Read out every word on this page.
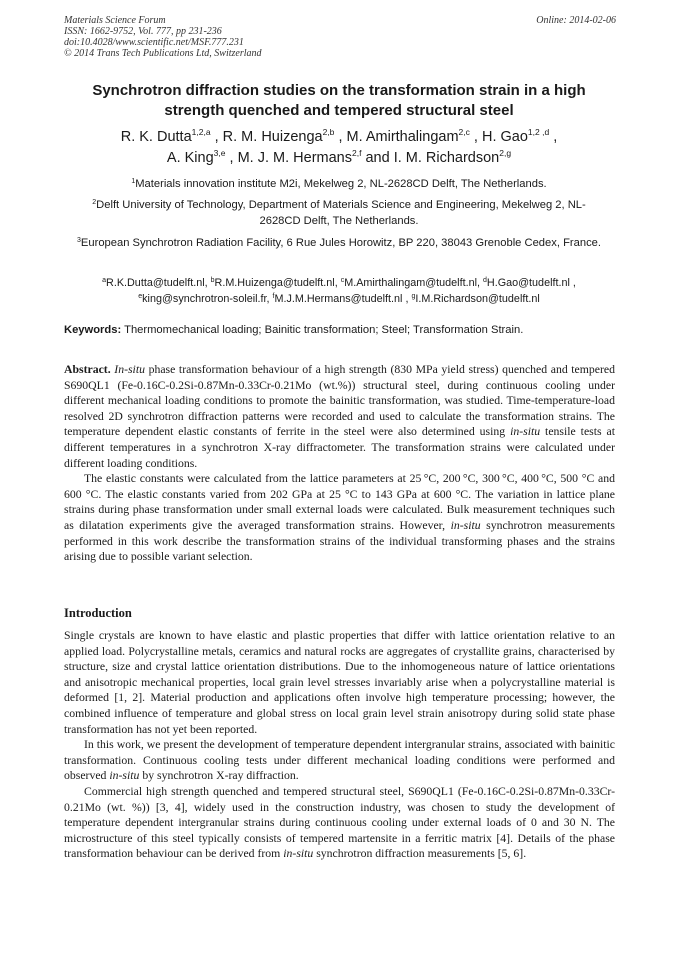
Materials Science Forum
ISSN: 1662-9752, Vol. 777, pp 231-236
doi:10.4028/www.scientific.net/MSF.777.231
© 2014 Trans Tech Publications Ltd, Switzerland
Online: 2014-02-06
Synchrotron diffraction studies on the transformation strain in a high strength quenched and tempered structural steel
R. K. Dutta$^{1,2,a}$ , R. M. Huizenga$^{2,b}$ , M. Amirthalingam$^{2,c}$ , H. Gao$^{1,2 ,d}$ ,
A. King$^{3,e}$ , M. J. M. Hermans$^{2,f}$ and I. M. Richardson$^{2,g}$
$^1$Materials innovation institute M2i, Mekelweg 2, NL-2628CD Delft, The Netherlands.
$^2$Delft University of Technology, Department of Materials Science and Engineering, Mekelweg 2, NL-2628CD Delft, The Netherlands.
$^3$European Synchrotron Radiation Facility, 6 Rue Jules Horowitz, BP 220, 38043 Grenoble Cedex, France.
$^a$R.K.Dutta@tudelft.nl, $^b$R.M.Huizenga@tudelft.nl, $^c$M.Amirthalingam@tudelft.nl, $^d$H.Gao@tudelft.nl ,
$^e$king@synchrotron-soleil.fr, $^f$M.J.M.Hermans@tudelft.nl , $^g$I.M.Richardson@tudelft.nl
Keywords: Thermomechanical loading; Bainitic transformation; Steel; Transformation Strain.

Abstract. In-situ phase transformation behaviour of a high strength (830 MPa yield stress) quenched and tempered S690QL1 (Fe-0.16C-0.2Si-0.87Mn-0.33Cr-0.21Mo (wt.%)) structural steel, during continuous cooling under different mechanical loading conditions to promote the bainitic transformation, was studied. Time-temperature-load resolved 2D synchrotron diffraction patterns were recorded and used to calculate the transformation strains. The temperature dependent elastic constants of ferrite in the steel were also determined using in-situ tensile tests at different temperatures in a synchrotron X-ray diffractometer. The transformation strains were calculated under different loading conditions.

The elastic constants were calculated from the lattice parameters at 25 °C, 200 °C, 300 °C, 400 °C, 500 °C and 600 °C. The elastic constants varied from 202 GPa at 25 °C to 143 GPa at 600 °C. The variation in lattice plane strains during phase transformation under small external loads were calculated. Bulk measurement techniques such as dilatation experiments give the averaged transformation strains. However, in-situ synchrotron measurements performed in this work describe the transformation strains of the individual transforming phases and the strains arising due to possible variant selection.

Introduction

Single crystals are known to have elastic and plastic properties that differ with lattice orientation relative to an applied load. Polycrystalline metals, ceramics and natural rocks are aggregates of crystallite grains, characterised by structure, size and crystal lattice orientation distributions. Due to the inhomogeneous nature of lattice orientations and anisotropic mechanical properties, local grain level stresses invariably arise when a polycrystalline material is deformed [1, 2]. Material production and applications often involve high temperature processing; however, the combined influence of temperature and global stress on local grain level strain anisotropy during solid state phase transformation has not yet been reported.

In this work, we present the development of temperature dependent intergranular strains, associated with bainitic transformation. Continuous cooling tests under different mechanical loading conditions were performed and observed in-situ by synchrotron X-ray diffraction.

Commercial high strength quenched and tempered structural steel, S690QL1 (Fe-0.16C-0.2Si-0.87Mn-0.33Cr-0.21Mo (wt. %)) [3, 4], widely used in the construction industry, was chosen to study the development of temperature dependent intergranular strains during continuous cooling under external loads of 0 and 30 N. The microstructure of this steel typically consists of tempered martensite in a ferritic matrix [4]. Details of the phase transformation behaviour can be derived from in-situ synchrotron diffraction measurements [5, 6].
